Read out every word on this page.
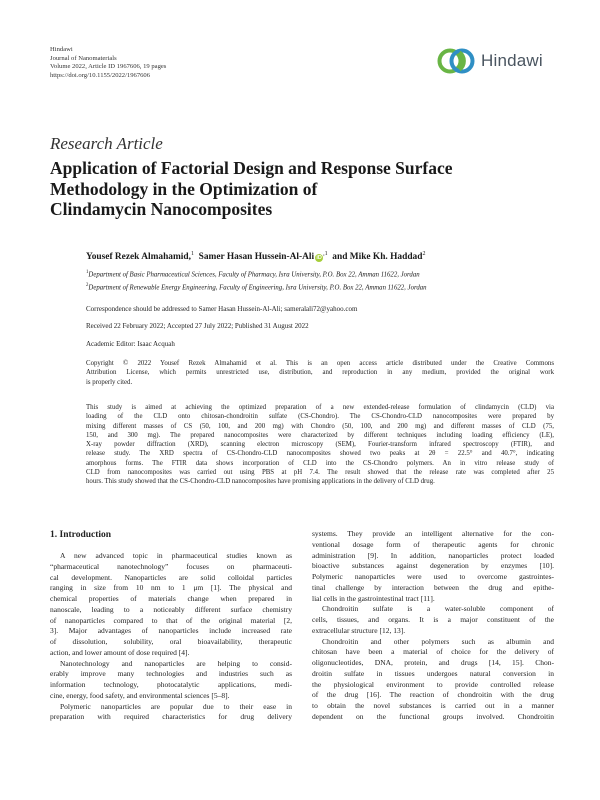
Hindawi
Journal of Nanomaterials
Volume 2022, Article ID 1967606, 19 pages
https://doi.org/10.1155/2022/1967606
Hindawi
Research Article
Application of Factorial Design and Response Surface
Methodology in the Optimization of
Clindamycin Nanocomposites
Yousef Rezek Almahamid,$^1$ Samer Hasan Hussein-Al-Ali $iD^{,1}$ and Mike Kh. Haddad$^2$
$^1$Department of Basic Pharmaceutical Sciences, Faculty of Pharmacy, Isra University, P.O. Box 22, Amman 11622, Jordan
$^2$Department of Renewable Energy Engineering, Faculty of Engineering, Isra University, P.O. Box 22, Amman 11622, Jordan
Correspondence should be addressed to Samer Hasan Hussein-Al-Ali; sameralali72@yahoo.com
Received 22 February 2022; Accepted 27 July 2022; Published 31 August 2022
Academic Editor: Isaac Acquah
Copyright © 2022 Yousef Rezek Almahamid et al. This is an open access article distributed under the Creative Commons
Attribution License, which permits unrestricted use, distribution, and reproduction in any medium, provided the original work
is properly cited.
This study is aimed at achieving the optimized preparation of a new extended-release formulation of clindamycin (CLD) via
loading of the CLD onto chitosan-chondroitin sulfate (CS-Chondro). The CS-Chondro-CLD nanocomposites were prepared by
mixing different masses of CS (50, 100, and 200 mg) with Chondro (50, 100, and 200 mg) and different masses of CLD (75,
150, and 300 mg). The prepared nanocomposites were characterized by different techniques including loading efficiency (LE),
X-ray powder diffraction (XRD), scanning electron microscopy (SEM), Fourier-transform infrared spectroscopy (FTIR), and
release study. The XRD spectra of CS-Chondro-CLD nanocomposites showed two peaks at 2θ = 22.5° and 40.7°, indicating
amorphous forms. The FTIR data shows incorporation of CLD into the CS-Chondro polymers. An in vitro release study of
CLD from nanocomposites was carried out using PBS at pH 7.4. The result showed that the release rate was completed after 25
hours. This study showed that the CS-Chondro-CLD nanocomposites have promising applications in the delivery of CLD drug.
1. Introduction
A new advanced topic in pharmaceutical studies known as
“pharmaceutical nanotechnology” focuses on pharmaceuti-
cal development. Nanoparticles are solid colloidal particles
ranging in size from 10 nm to 1 μm [1]. The physical and
chemical properties of materials change when prepared in
nanoscale, leading to a noticeably different surface chemistry
of nanoparticles compared to that of the original material [2,
3]. Major advantages of nanoparticles include increased rate
of dissolution, solubility, oral bioavailability, therapeutic
action, and lower amount of dose required [4].
Nanotechnology and nanoparticles are helping to consid-
erably improve many technologies and industries such as
information technology, photocatalytic applications, medi-
cine, energy, food safety, and environmental sciences [5–8].
Polymeric nanoparticles are popular due to their ease in
preparation with required characteristics for drug delivery
systems. They provide an intelligent alternative for the con-
ventional dosage form of therapeutic agents for chronic
administration [9]. In addition, nanoparticles protect loaded
bioactive substances against degeneration by enzymes [10].
Polymeric nanoparticles were used to overcome gastrointes-
tinal challenge by interaction between the drug and epithe-
lial cells in the gastrointestinal tract [11].
Chondroitin sulfate is a water-soluble component of
cells, tissues, and organs. It is a major constituent of the
extracellular structure [12, 13].
Chondroitin and other polymers such as albumin and
chitosan have been a material of choice for the delivery of
oligonucleotides, DNA, protein, and drugs [14, 15]. Chon-
droitin sulfate in tissues undergoes natural conversion in
the physiological environment to provide controlled release
of the drug [16]. The reaction of chondroitin with the drug
to obtain the novel substances is carried out in a manner
dependent on the functional groups involved. Chondroitin
